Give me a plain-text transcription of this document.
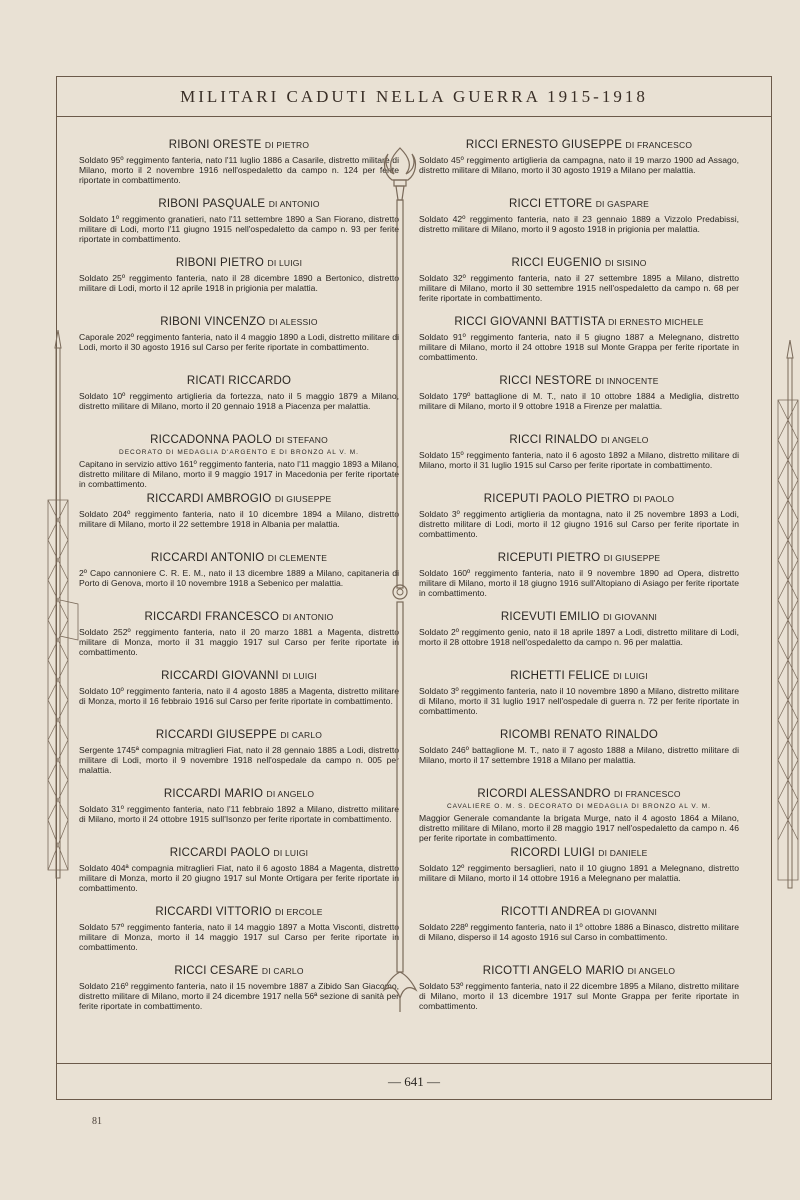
MILITARI CADUTI NELLA GUERRA 1915-1918
RIBONI ORESTE DI PIETRO
Soldato 95º reggimento fanteria, nato l'11 luglio 1886 a Casarile, distretto militare di Milano, morto il 2 novembre 1916 nell'ospedaletto da campo n. 124 per ferite riportate in combattimento.
RIBONI PASQUALE DI ANTONIO
Soldato 1º reggimento granatieri, nato l'11 settembre 1890 a San Fiorano, distretto militare di Lodi, morto l'11 giugno 1915 nell'ospedaletto da campo n. 93 per ferite riportate in combattimento.
RIBONI PIETRO DI LUIGI
Soldato 25º reggimento fanteria, nato il 28 dicembre 1890 a Bertonico, distretto militare di Lodi, morto il 12 aprile 1918 in prigionia per malattia.
RIBONI VINCENZO DI ALESSIO
Caporale 202º reggimento fanteria, nato il 4 maggio 1890 a Lodi, distretto militare di Lodi, morto il 30 agosto 1916 sul Carso per ferite riportate in combattimento.
RICATI RICCARDO
Soldato 10º reggimento artiglieria da fortezza, nato il 5 maggio 1879 a Milano, distretto militare di Milano, morto il 20 gennaio 1918 a Piacenza per malattia.
RICCADONNA PAOLO DI STEFANO
DECORATO DI MEDAGLIA D'ARGENTO E DI BRONZO AL V. M.
Capitano in servizio attivo 161º reggimento fanteria, nato l'11 maggio 1893 a Milano, distretto militare di Milano, morto il 9 maggio 1917 in Macedonia per ferite riportate in combattimento.
RICCARDI AMBROGIO DI GIUSEPPE
Soldato 204º reggimento fanteria, nato il 10 dicembre 1894 a Milano, distretto militare di Milano, morto il 22 settembre 1918 in Albania per malattia.
RICCARDI ANTONIO DI CLEMENTE
2º Capo cannoniere C. R. E. M., nato il 13 dicembre 1889 a Milano, capitaneria di Porto di Genova, morto il 10 novembre 1918 a Sebenico per malattia.
RICCARDI FRANCESCO DI ANTONIO
Soldato 252º reggimento fanteria, nato il 20 marzo 1881 a Magenta, distretto militare di Monza, morto il 31 maggio 1917 sul Carso per ferite riportate in combattimento.
RICCARDI GIOVANNI DI LUIGI
Soldato 10º reggimento fanteria, nato il 4 agosto 1885 a Magenta, distretto militare di Monza, morto il 16 febbraio 1916 sul Carso per ferite riportate in combattimento.
RICCARDI GIUSEPPE DI CARLO
Sergente 1745ª compagnia mitraglieri Fiat, nato il 28 gennaio 1885 a Lodi, distretto militare di Lodi, morto il 9 novembre 1918 nell'ospedale da campo n. 005 per malattia.
RICCARDI MARIO DI ANGELO
Soldato 31º reggimento fanteria, nato l'11 febbraio 1892 a Milano, distretto militare di Milano, morto il 24 ottobre 1915 sull'Isonzo per ferite riportate in combattimento.
RICCARDI PAOLO DI LUIGI
Soldato 404ª compagnia mitraglieri Fiat, nato il 6 agosto 1884 a Magenta, distretto militare di Monza, morto il 20 giugno 1917 sul Monte Ortigara per ferite riportate in combattimento.
RICCARDI VITTORIO DI ERCOLE
Soldato 57º reggimento fanteria, nato il 14 maggio 1897 a Motta Visconti, distretto militare di Monza, morto il 14 maggio 1917 sul Carso per ferite riportate in combattimento.
RICCI CESARE DI CARLO
Soldato 216º reggimento fanteria, nato il 15 novembre 1887 a Zibido San Giacomo, distretto militare di Milano, morto il 24 dicembre 1917 nella 56ª sezione di sanità per ferite riportate in combattimento.
RICCI ERNESTO GIUSEPPE DI FRANCESCO
Soldato 45º reggimento artiglieria da campagna, nato il 19 marzo 1900 ad Assago, distretto militare di Milano, morto il 30 agosto 1919 a Milano per malattia.
RICCI ETTORE DI GASPARE
Soldato 42º reggimento fanteria, nato il 23 gennaio 1889 a Vizzolo Predabissi, distretto militare di Milano, morto il 9 agosto 1918 in prigionia per malattia.
RICCI EUGENIO DI SISINO
Soldato 32º reggimento fanteria, nato il 27 settembre 1895 a Milano, distretto militare di Milano, morto il 30 settembre 1915 nell'ospedaletto da campo n. 68 per ferite riportate in combattimento.
RICCI GIOVANNI BATTISTA DI ERNESTO MICHELE
Soldato 91º reggimento fanteria, nato il 5 giugno 1887 a Melegnano, distretto militare di Milano, morto il 24 ottobre 1918 sul Monte Grappa per ferite riportate in combattimento.
RICCI NESTORE DI INNOCENTE
Soldato 179º battaglione di M. T., nato il 10 ottobre 1884 a Mediglia, distretto militare di Milano, morto il 9 ottobre 1918 a Firenze per malattia.
RICCI RINALDO DI ANGELO
Soldato 15º reggimento fanteria, nato il 6 agosto 1892 a Milano, distretto militare di Milano, morto il 31 luglio 1915 sul Carso per ferite riportate in combattimento.
RICEPUTI PAOLO PIETRO DI PAOLO
Soldato 3º reggimento artiglieria da montagna, nato il 25 novembre 1893 a Lodi, distretto militare di Lodi, morto il 12 giugno 1916 sul Carso per ferite riportate in combattimento.
RICEPUTI PIETRO DI GIUSEPPE
Soldato 160º reggimento fanteria, nato il 9 novembre 1890 ad Opera, distretto militare di Milano, morto il 18 giugno 1916 sull'Altopiano di Asiago per ferite riportate in combattimento.
RICEVUTI EMILIO DI GIOVANNI
Soldato 2º reggimento genio, nato il 18 aprile 1897 a Lodi, distretto militare di Lodi, morto il 28 ottobre 1918 nell'ospedaletto da campo n. 96 per malattia.
RICHETTI FELICE DI LUIGI
Soldato 3º reggimento fanteria, nato il 10 novembre 1890 a Milano, distretto militare di Milano, morto il 31 luglio 1917 nell'ospedale di guerra n. 72 per ferite riportate in combattimento.
RICOMBI RENATO RINALDO
Soldato 246º battaglione M. T., nato il 7 agosto 1888 a Milano, distretto militare di Milano, morto il 17 settembre 1918 a Milano per malattia.
RICORDI ALESSANDRO DI FRANCESCO
CAVALIERE O. M. S. DECORATO DI MEDAGLIA DI BRONZO AL V. M.
Maggior Generale comandante la brigata Murge, nato il 4 agosto 1864 a Milano, distretto militare di Milano, morto il 28 maggio 1917 nell'ospedaletto da campo n. 46 per ferite riportate in combattimento.
RICORDI LUIGI DI DANIELE
Soldato 12º reggimento bersaglieri, nato il 10 giugno 1891 a Melegnano, distretto militare di Milano, morto il 14 ottobre 1916 a Melegnano per malattia.
RICOTTI ANDREA DI GIOVANNI
Soldato 228º reggimento fanteria, nato il 1º ottobre 1886 a Binasco, distretto militare di Milano, disperso il 14 agosto 1916 sul Carso in combattimento.
RICOTTI ANGELO MARIO DI ANGELO
Soldato 53º reggimento fanteria, nato il 22 dicembre 1895 a Milano, distretto militare di Milano, morto il 13 dicembre 1917 sul Monte Grappa per ferite riportate in combattimento.
— 641 —
81
